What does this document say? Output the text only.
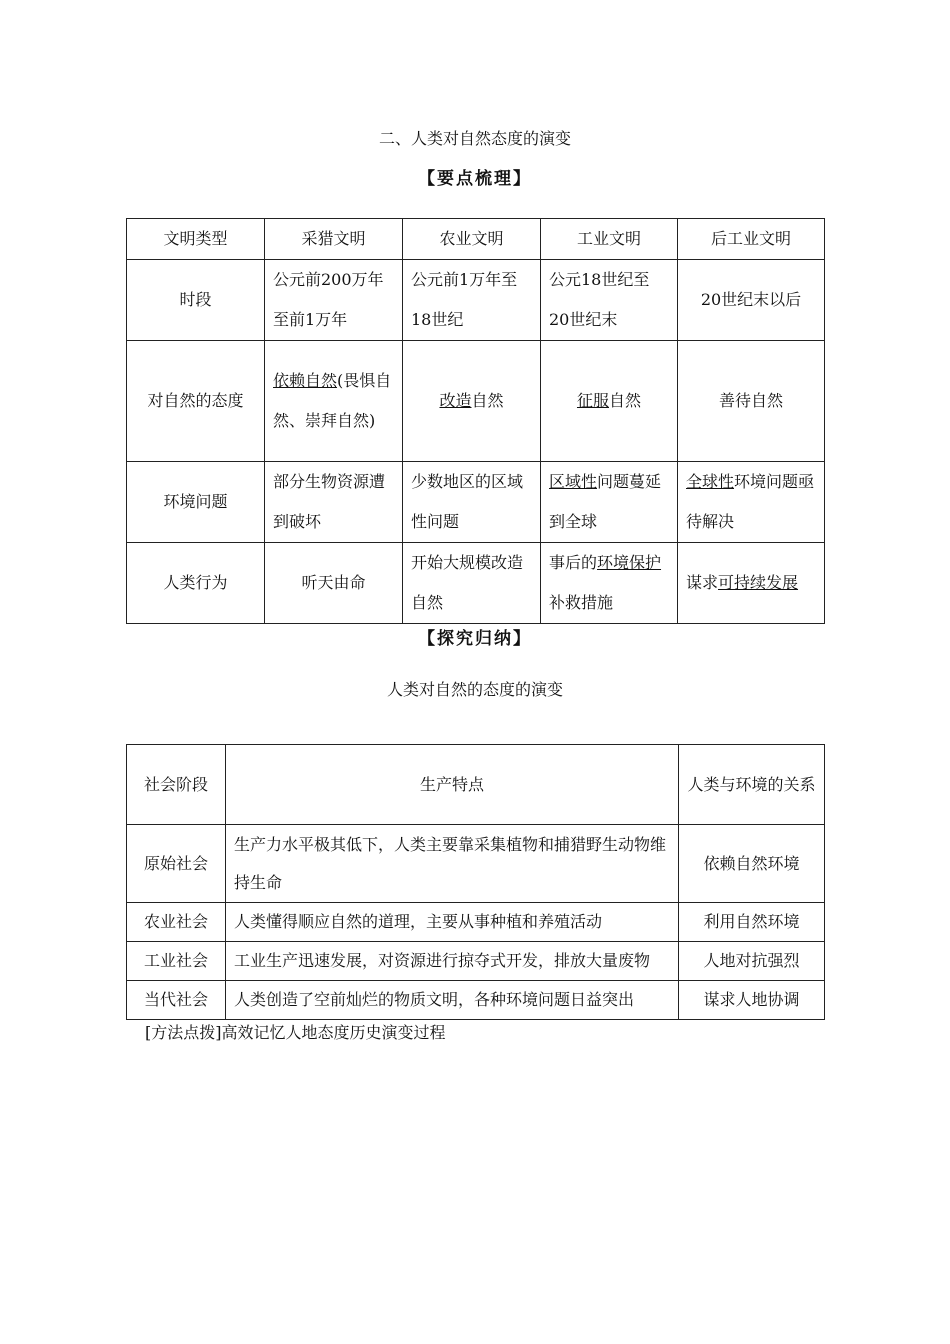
二、人类对自然态度的演变
【要点梳理】
文明类型	采猎文明	农业文明	工业文明	后工业文明
时段	公元前200万年至前1万年	公元前1万年至18世纪	公元18世纪至20世纪末	20世纪末以后
对自然的态度	依赖自然(畏惧自然、崇拜自然)	改造自然	征服自然	善待自然
环境问题	部分生物资源遭到破坏	少数地区的区域性问题	区域性问题蔓延到全球	全球性环境问题亟待解决
人类行为	听天由命	开始大规模改造自然	事后的环境保护补救措施	谋求可持续发展
【探究归纳】
人类对自然的态度的演变
社会阶段	生产特点	人类与环境的关系
原始社会	生产力水平极其低下，人类主要靠采集植物和捕猎野生动物维持生命	依赖自然环境
农业社会	人类懂得顺应自然的道理，主要从事种植和养殖活动	利用自然环境
工业社会	工业生产迅速发展，对资源进行掠夺式开发，排放大量废物	人地对抗强烈
当代社会	人类创造了空前灿烂的物质文明，各种环境问题日益突出	谋求人地协调
[方法点拨]高效记忆人地态度历史演变过程
